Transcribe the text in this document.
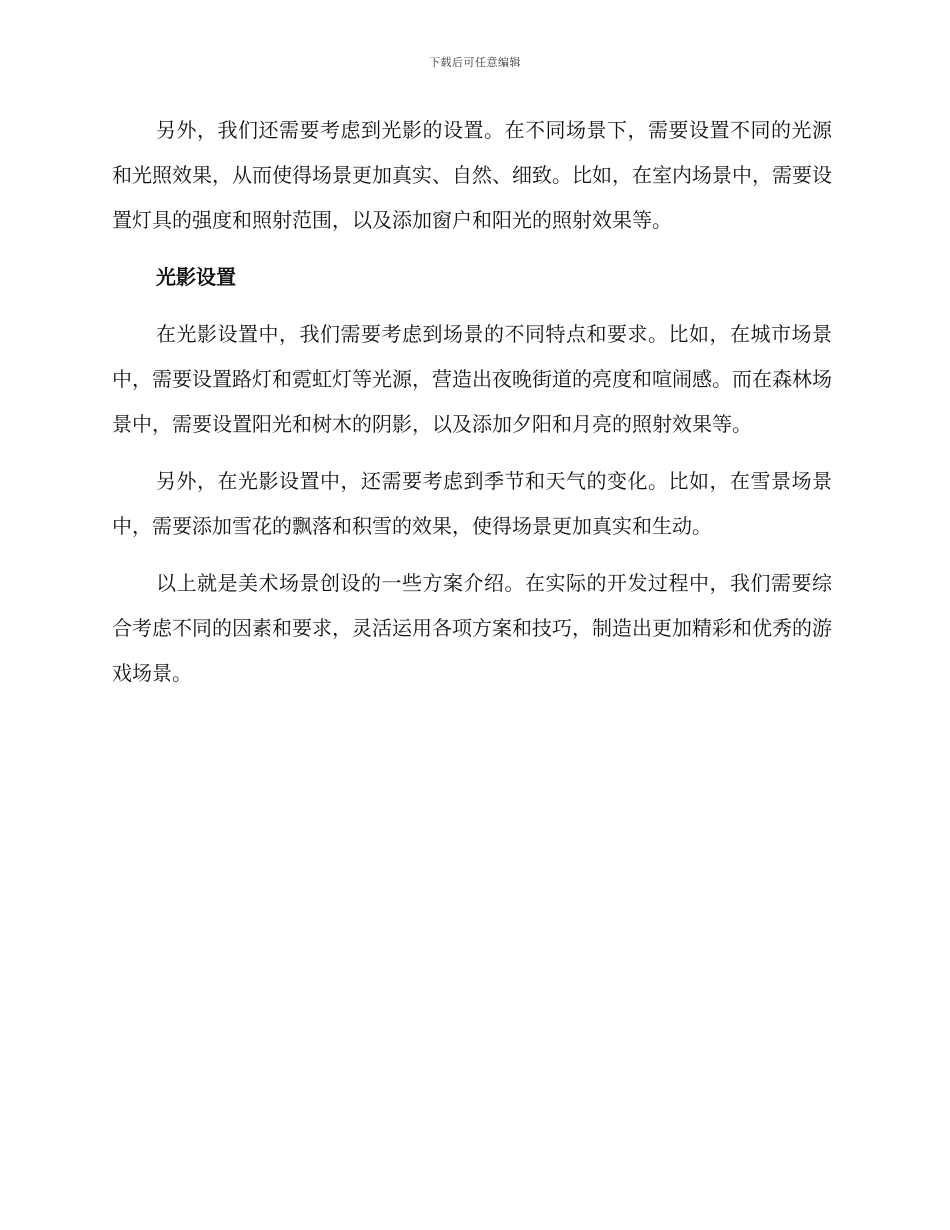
下载后可任意编辑

另外，我们还需要考虑到光影的设置。在不同场景下，需要设置不同的光源和光照效果，从而使得场景更加真实、自然、细致。比如，在室内场景中，需要设置灯具的强度和照射范围，以及添加窗户和阳光的照射效果等。

光影设置

在光影设置中，我们需要考虑到场景的不同特点和要求。比如，在城市场景中，需要设置路灯和霓虹灯等光源，营造出夜晚街道的亮度和喧闹感。而在森林场景中，需要设置阳光和树木的阴影，以及添加夕阳和月亮的照射效果等。

另外，在光影设置中，还需要考虑到季节和天气的变化。比如，在雪景场景中，需要添加雪花的飘落和积雪的效果，使得场景更加真实和生动。

以上就是美术场景创设的一些方案介绍。在实际的开发过程中，我们需要综合考虑不同的因素和要求，灵活运用各项方案和技巧，制造出更加精彩和优秀的游戏场景。
